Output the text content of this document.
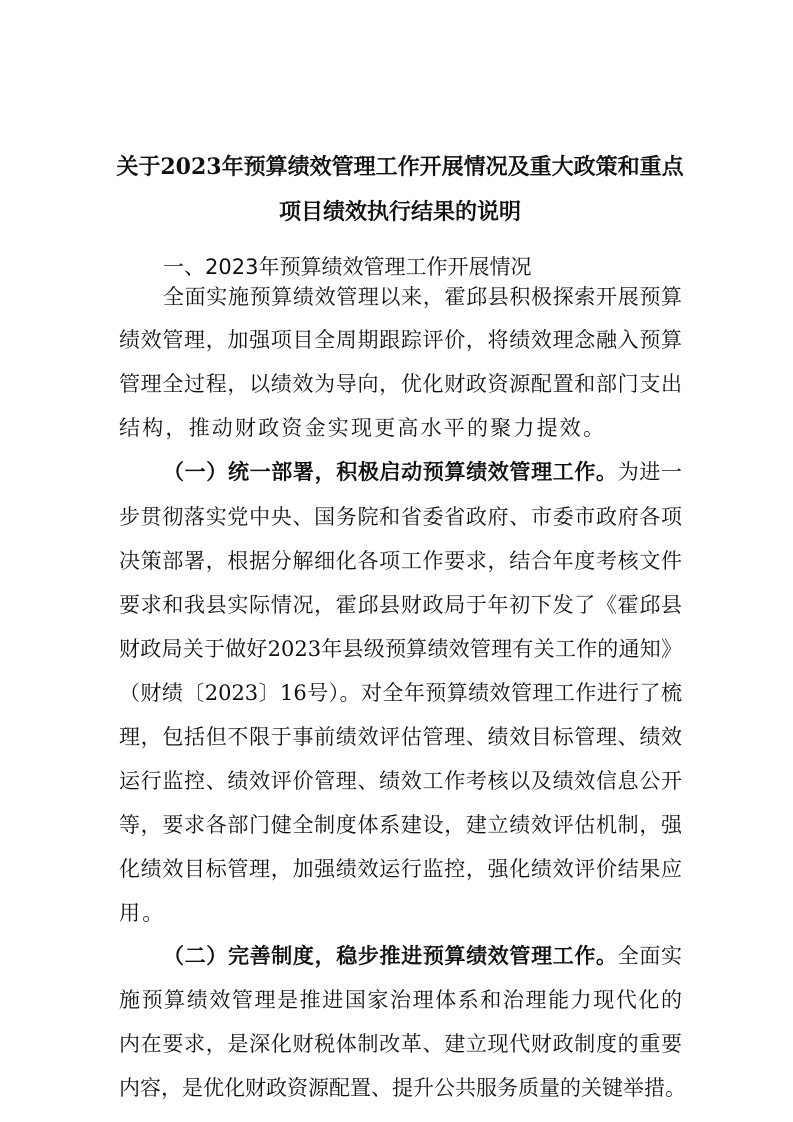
关于2023年预算绩效管理工作开展情况及重大政策和重点
项目绩效执行结果的说明
一、2023年预算绩效管理工作开展情况
全面实施预算绩效管理以来，霍邱县积极探索开展预算
绩效管理，加强项目全周期跟踪评价，将绩效理念融入预算
管理全过程，以绩效为导向，优化财政资源配置和部门支出
结构，推动财政资金实现更高水平的聚力提效。
（一）统一部署，积极启动预算绩效管理工作。为进一
步贯彻落实党中央、国务院和省委省政府、市委市政府各项
决策部署，根据分解细化各项工作要求，结合年度考核文件
要求和我县实际情况，霍邱县财政局于年初下发了《霍邱县
财政局关于做好2023年县级预算绩效管理有关工作的通知》
（财绩〔2023〕16号）。对全年预算绩效管理工作进行了梳
理，包括但不限于事前绩效评估管理、绩效目标管理、绩效
运行监控、绩效评价管理、绩效工作考核以及绩效信息公开
等，要求各部门健全制度体系建设，建立绩效评估机制，强
化绩效目标管理，加强绩效运行监控，强化绩效评价结果应
用。
（二）完善制度，稳步推进预算绩效管理工作。全面实
施预算绩效管理是推进国家治理体系和治理能力现代化的
内在要求，是深化财税体制改革、建立现代财政制度的重要
内容，是优化财政资源配置、提升公共服务质量的关键举措。
